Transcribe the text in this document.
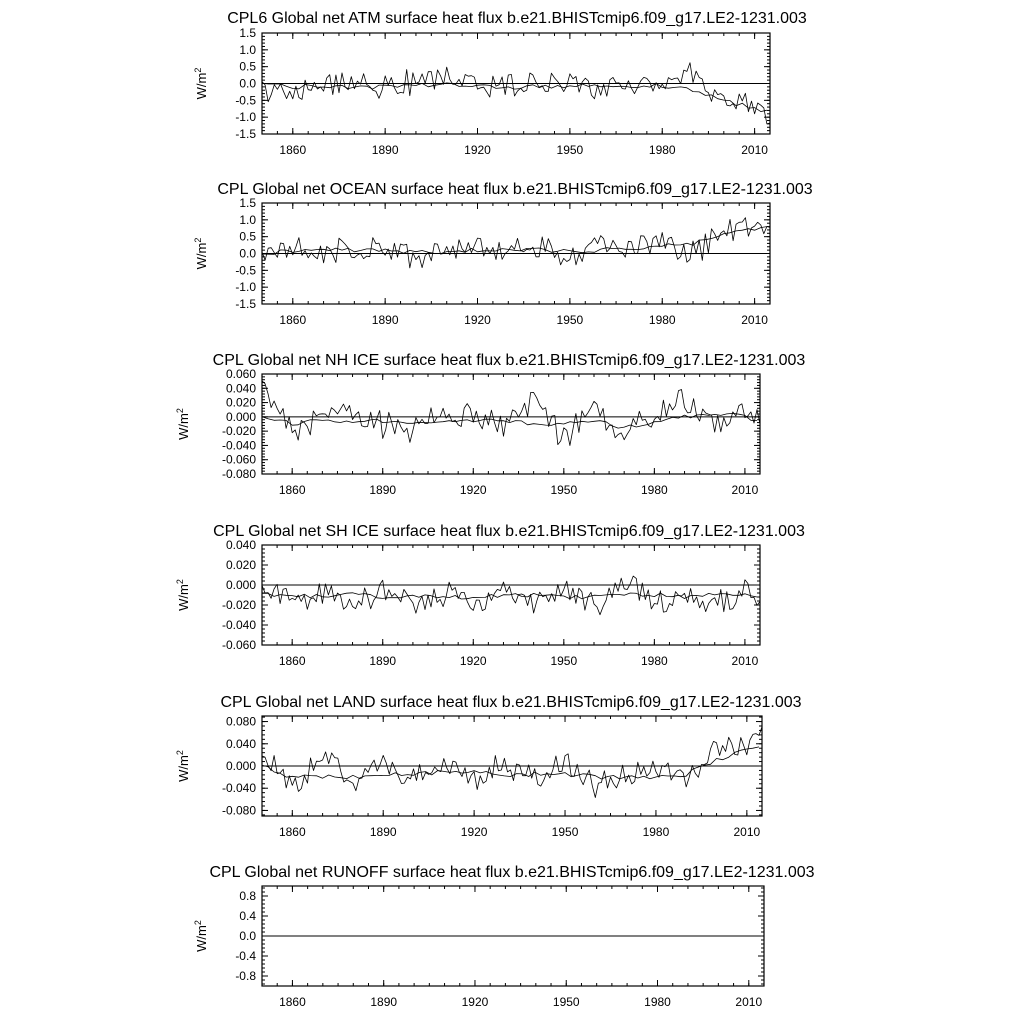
CPL6 Global net ATM surface heat flux b.e21.BHISTcmip6.f09_g17.LE2-1231.003
$W/m^2$
-1.5
-1.0
-0.5
0.0
0.5
1.0
1.5
1860	1890	1920	1950	1980	2010
CPL Global net OCEAN surface heat flux b.e21.BHISTcmip6.f09_g17.LE2-1231.003
$W/m^2$
-1.5
-1.0
-0.5
0.0
0.5
1.0
1.5
1860	1890	1920	1950	1980	2010
CPL Global net NH ICE surface heat flux b.e21.BHISTcmip6.f09_g17.LE2-1231.003
$W/m^2$
-0.080
-0.060
-0.040
-0.020
0.000
0.020
0.040
0.060
1860	1890	1920	1950	1980	2010
CPL Global net SH ICE surface heat flux b.e21.BHISTcmip6.f09_g17.LE2-1231.003
$W/m^2$
-0.060
-0.040
-0.020
0.000
0.020
0.040
1860	1890	1920	1950	1980	2010
CPL Global net LAND surface heat flux b.e21.BHISTcmip6.f09_g17.LE2-1231.003
$W/m^2$
-0.080
-0.040
0.000
0.040
0.080
1860	1890	1920	1950	1980	2010
CPL Global net RUNOFF surface heat flux b.e21.BHISTcmip6.f09_g17.LE2-1231.003
$W/m^2$
-0.8
-0.4
0.0
0.4
0.8
1860	1890	1920	1950	1980	2010
